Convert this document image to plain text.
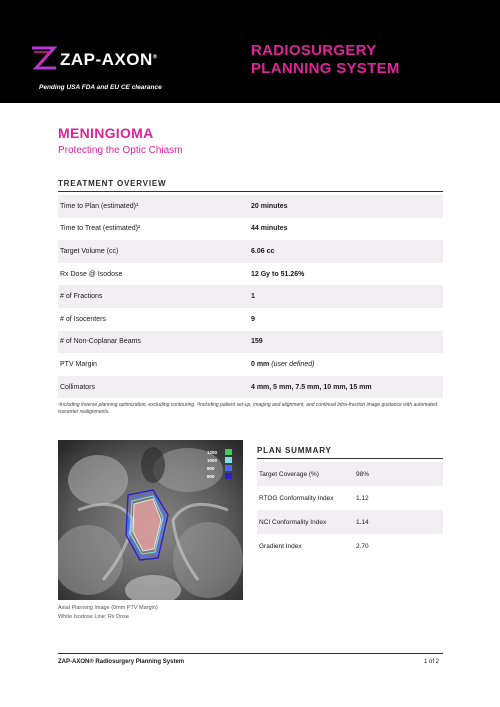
ZAP-AXON®
Pending USA FDA and EU CE clearance
RADIOSURGERY
PLANNING SYSTEM
MENINGIOMA
Protecting the Optic Chiasm
TREATMENT OVERVIEW
Time to Plan (estimated)¹	20 minutes
Time to Treat (estimated)²	44 minutes
Target Volume (cc)	6.06 cc
Rx Dose @ Isodose	12 Gy to 51.26%
# of Fractions	1
# of Isocenters	9
# of Non-Coplanar Beams	159
PTV Margin	0 mm (user defined)
Collimators	4 mm, 5 mm, 7.5 mm, 10 mm, 15 mm
¹Including inverse planning optimization, excluding contouring. ²Including patient set-up, imaging and alignment, and continual intra-fraction image guidance with automated isocenter realignments.
1200
1000
800
600
Axial Planning Image (0mm PTV Margin)
White Isodose Line: Rx Dose
PLAN SUMMARY
Target Coverage (%)	98%
RTOG Conformality Index	1.12
NCI Conformality Index	1.14
Gradient Index	2.70
ZAP-AXON® Radiosurgery Planning System	1 of 2
